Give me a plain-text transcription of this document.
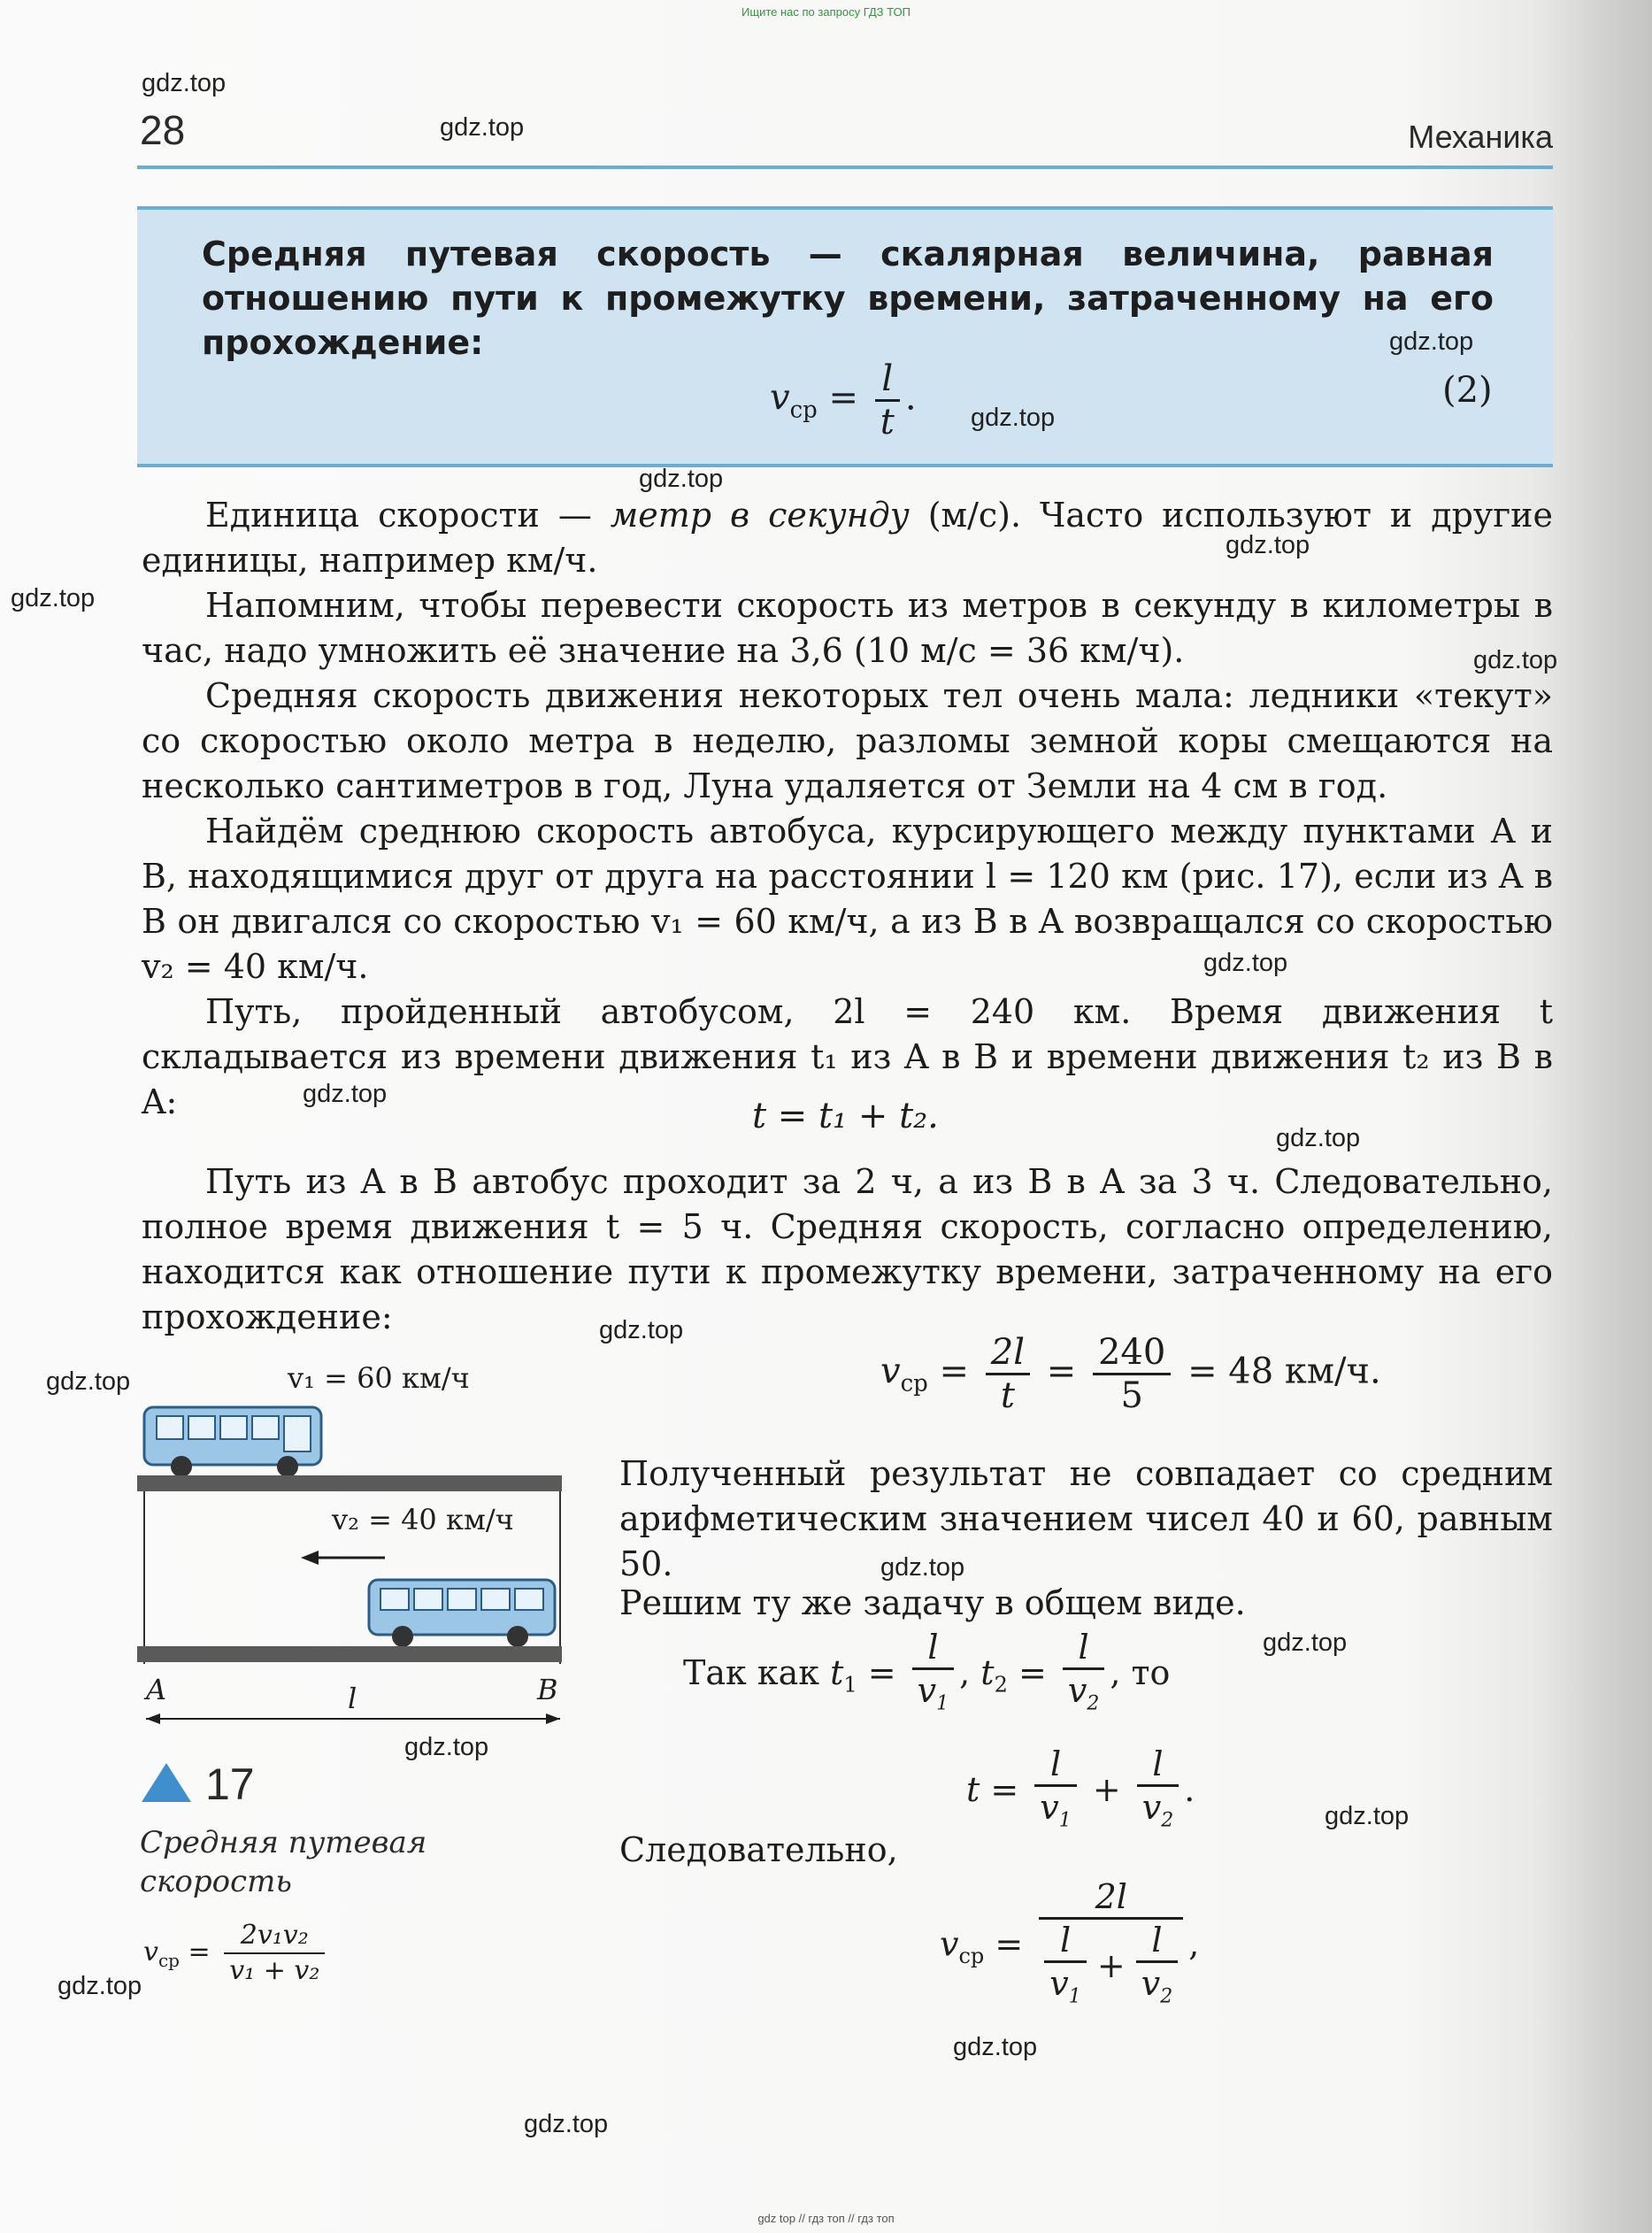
Ищите нас по запросу ГДЗ ТОП
28	Механика
Средняя путевая скорость — скалярная величина, равная отношению пути к промежутку времени, затраченному на его прохождение:
$v_{ср} = \frac{l}{t}$ .	(2)
Единица скорости — метр в секунду (м/с). Часто используют и другие единицы, например км/ч.
Напомним, чтобы перевести скорость из метров в секунду в километры в час, надо умножить её значение на 3,6 (10 м/с = 36 км/ч).
Средняя скорость движения некоторых тел очень мала: ледники «текут» со скоростью около метра в неделю, разломы земной коры смещаются на несколько сантиметров в год, Луна удаляется от Земли на 4 см в год.
Найдём среднюю скорость автобуса, курсирующего между пунктами A и B, находящимися друг от друга на расстоянии l = 120 км (рис. 17), если из A в B он двигался со скоростью v₁ = 60 км/ч, а из B в A возвращался со скоростью v₂ = 40 км/ч.
Путь, пройденный автобусом, 2l = 240 км. Время движения t складывается из времени движения t₁ из A в B и времени движения t₂ из B в A:	t = t₁ + t₂.
Путь из A в B автобус проходит за 2 ч, а из B в A за 3 ч. Следовательно, полное время движения t = 5 ч. Средняя скорость, согласно определению, находится как отношение пути к промежутку времени, затраченному на его прохождение:
$v_{ср} = \frac{2l}{t} = \frac{240}{5} = 48$ км/ч.
v₁ = 60 км/ч
v₂ = 40 км/ч
A	B
l
17
Средняя путевая скорость
$v_{ср} = \frac{\text{2v₁v₂}}{\text{v₁ + v₂}}$
Полученный результат не совпадает со средним арифметическим значением чисел 40 и 60, равным 50.
Решим ту же задачу в общем виде.
Так как $t_1 = \frac{l}{v_1}$ , $t_2 = \frac{l}{v_2}$ , то
$t = \frac{l}{v_1} + \frac{l}{v_2}$ .
Следовательно,
$v_{ср} = \frac{2l}{\frac{l}{v_1} + \frac{l}{v_2}}$ ,
gdz.top
gdz.top
gdz.top
gdz.top
gdz.top
gdz.top
gdz.top
gdz.top
gdz.top
gdz.top
gdz.top
gdz.top
gdz.top
gdz.top
gdz.top
gdz.top
gdz.top
gdz.top
gdz.top
gdz.top
gdz top // гдз топ // гдз топ
